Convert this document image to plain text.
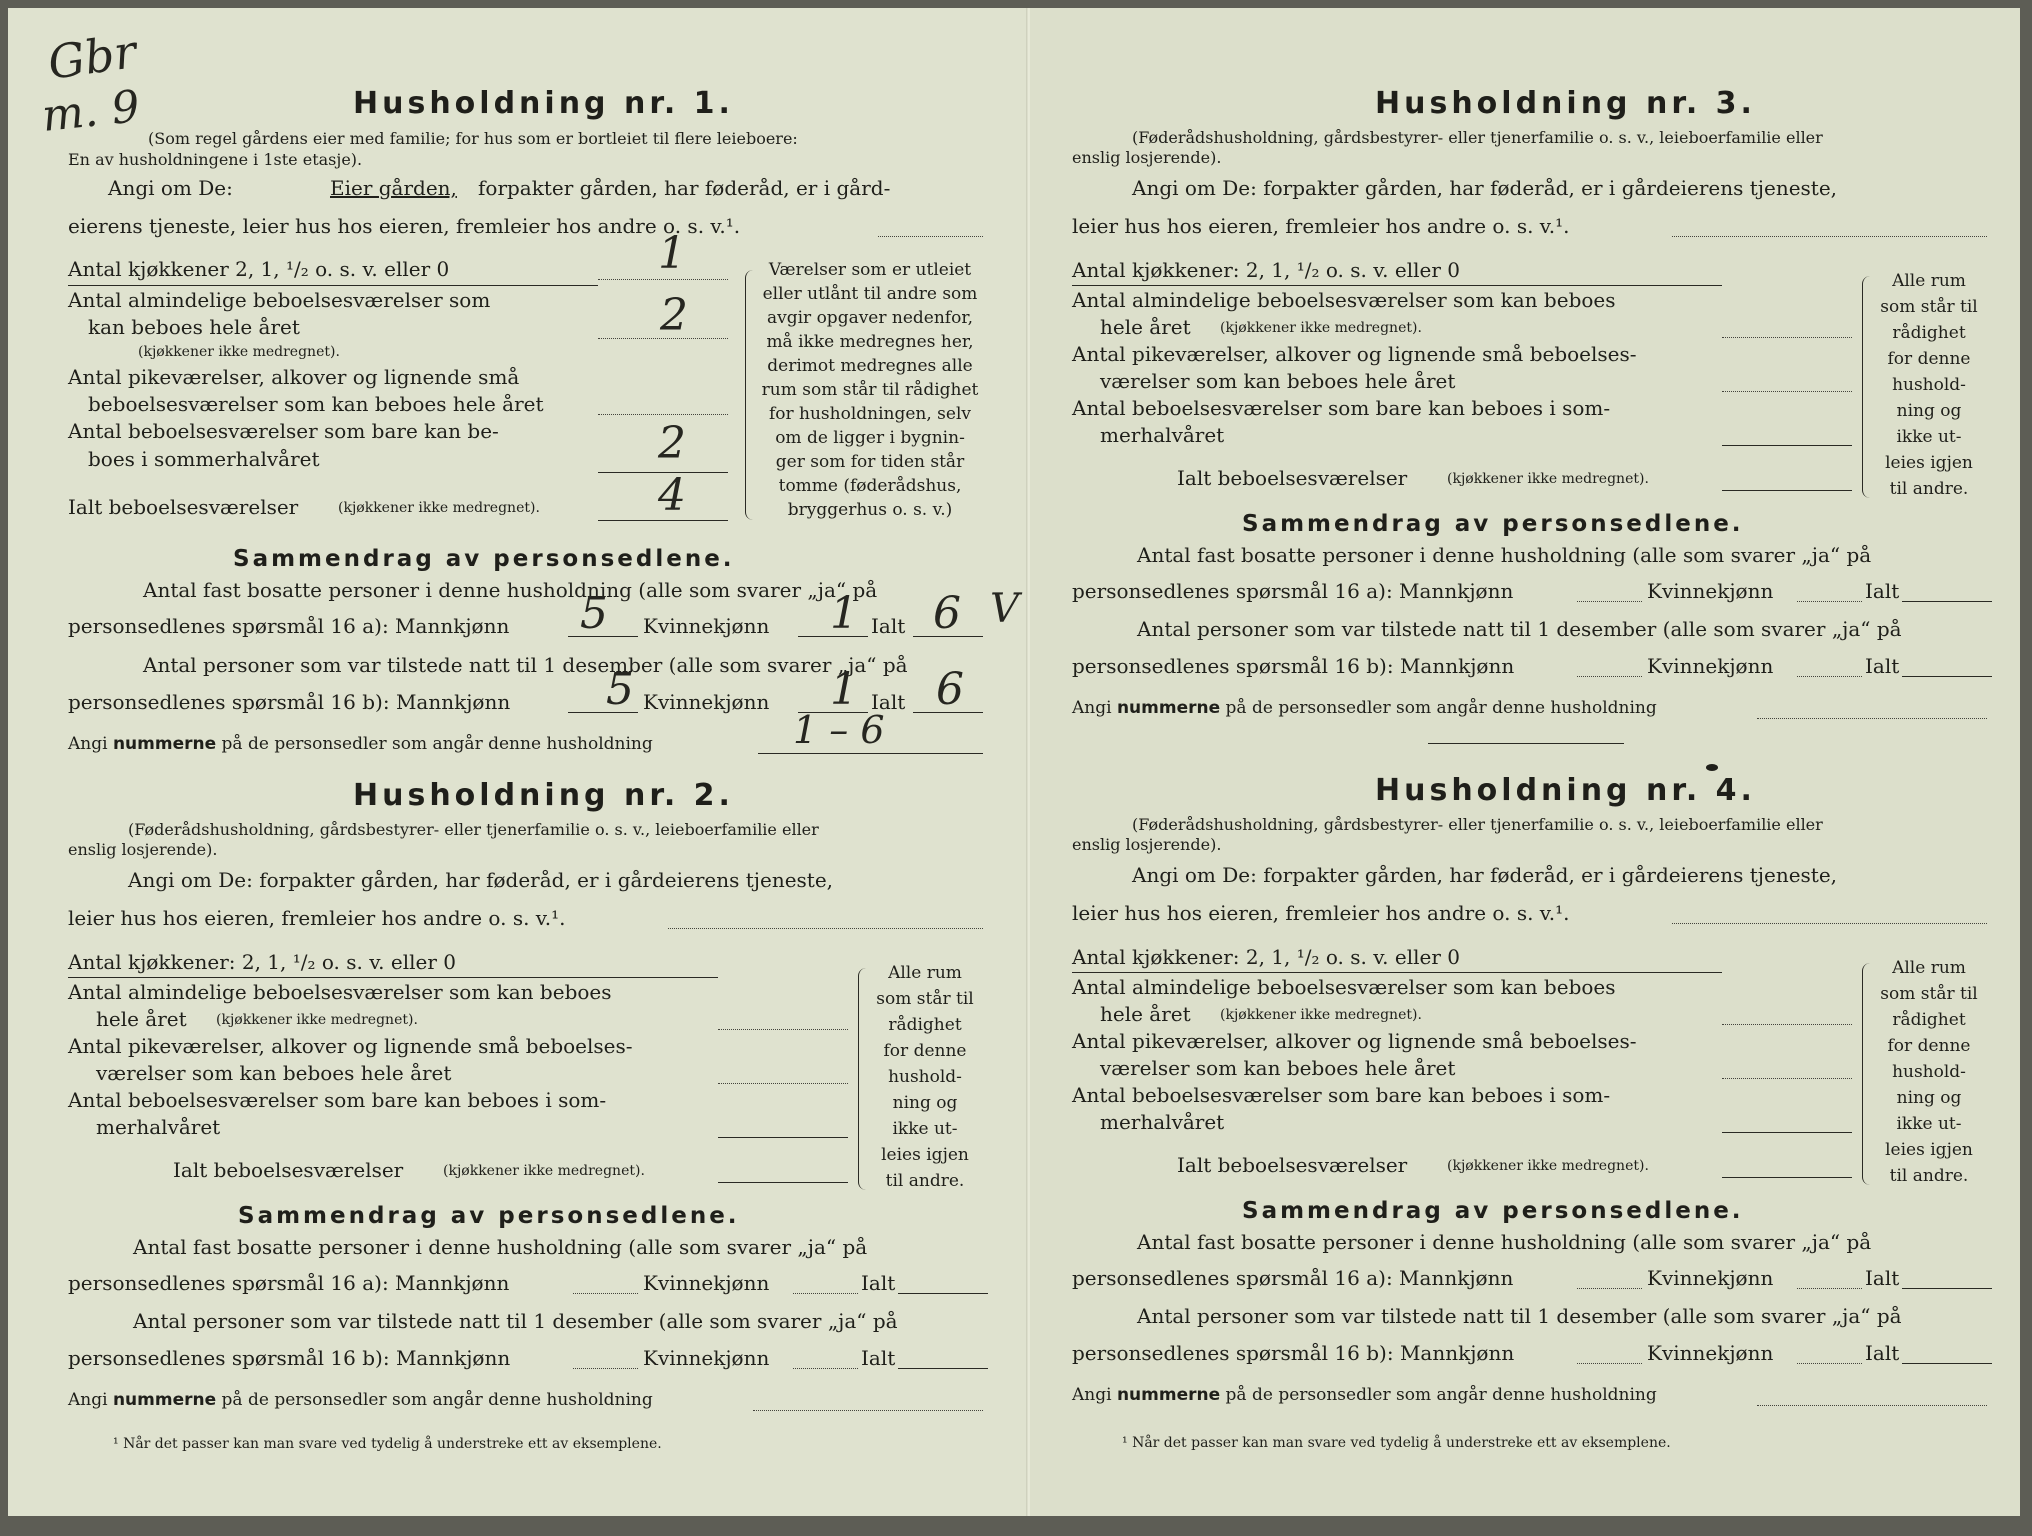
Gbr
m. 9	Husholdning nr. 1.
(Som regel gårdens eier med familie; for hus som er bortleiet til flere leieboere:
En av husholdningene i 1ste etasje).
Angi om De:	Eier gården, forpakter gården, har føderåd, er i gård-
eierens tjeneste, leier hus hos eieren, fremleier hos andre o. s. v.¹.
Antal kjøkkener 2, 1, ¹/₂ o. s. v. eller 0	1
Antal almindelige beboelsesværelser som
kan beboes hele året
(kjøkkener ikke medregnet).
2
Antal pikeværelser, alkover og lignende små
beboelsesværelser som kan beboes hele året
Antal beboelsesværelser som bare kan be-
boes i sommerhalvåret	2
Ialt beboelsesværelser	(kjøkkener ikke medregnet).	4
Værelser som er utleiet
eller utlånt til andre som
avgir opgaver nedenfor,
må ikke medregnes her,
derimot medregnes alle
rum som står til rådighet
for husholdningen, selv
om de ligger i bygnin-
ger som for tiden står
tomme (føderådshus,
bryggerhus o. s. v.)
Sammendrag av personsedlene.
Antal fast bosatte personer i denne husholdning (alle som svarer „ja“ på
personsedlenes spørsmål 16 a): Mannkjønn 5 Kvinnekjønn 1 Ialt 6 V
Antal personer som var tilstede natt til 1 desember (alle som svarer „ja“ på
personsedlenes spørsmål 16 b): Mannkjønn 5 Kvinnekjønn 1 Ialt 6
Angi nummerne på de personsedler som angår denne husholdning	1 – 6
¹ Når det passer kan man svare ved tydelig å understreke ett av eksemplene.
Husholdning nr. 2.
(Føderådshusholdning, gårdsbestyrer- eller tjenerfamilie o. s. v., leieboerfamilie eller
enslig losjerende).
Angi om De: forpakter gården, har føderåd, er i gårdeierens tjeneste,
leier hus hos eieren, fremleier hos andre o. s. v.¹.
Antal kjøkkener: 2, 1, ¹/₂ o. s. v. eller 0
Antal almindelige beboelsesværelser som kan beboes
hele året (kjøkkener ikke medregnet).
Antal pikeværelser, alkover og lignende små beboelses-
værelser som kan beboes hele året
Antal beboelsesværelser som bare kan beboes i som-
merhalvåret
Ialt beboelsesværelser	(kjøkkener ikke medregnet).
Alle rum
som står til
rådighet
for denne
hushold-
ning og
ikke ut-
leies igjen
til andre.
Sammendrag av personsedlene.
Antal fast bosatte personer i denne husholdning (alle som svarer „ja“ på
personsedlenes spørsmål 16 a): Mannkjønn	Kvinnekjønn	Ialt
Antal personer som var tilstede natt til 1 desember (alle som svarer „ja“ på
personsedlenes spørsmål 16 b): Mannkjønn	Kvinnekjønn	Ialt
Angi nummerne på de personsedler som angår denne husholdning
¹ Når det passer kan man svare ved tydelig å understreke ett av eksemplene.
Husholdning nr. 3.
(Føderådshusholdning, gårdsbestyrer- eller tjenerfamilie o. s. v., leieboerfamilie eller
enslig losjerende).
Angi om De: forpakter gården, har føderåd, er i gårdeierens tjeneste,
leier hus hos eieren, fremleier hos andre o. s. v.¹.
Antal kjøkkener: 2, 1, ¹/₂ o. s. v. eller 0
Antal almindelige beboelsesværelser som kan beboes
hele året (kjøkkener ikke medregnet).
Antal pikeværelser, alkover og lignende små beboelses-
værelser som kan beboes hele året
Antal beboelsesværelser som bare kan beboes i som-
merhalvåret
Ialt beboelsesværelser	(kjøkkener ikke medregnet).
Alle rum
som står til
rådighet
for denne
hushold-
ning og
ikke ut-
leies igjen
til andre.
Sammendrag av personsedlene.
Antal fast bosatte personer i denne husholdning (alle som svarer „ja“ på
personsedlenes spørsmål 16 a): Mannkjønn	Kvinnekjønn	Ialt
Antal personer som var tilstede natt til 1 desember (alle som svarer „ja“ på
personsedlenes spørsmål 16 b): Mannkjønn	Kvinnekjønn	Ialt
Angi nummerne på de personsedler som angår denne husholdning
Husholdning nr. 4.
(Føderådshusholdning, gårdsbestyrer- eller tjenerfamilie o. s. v., leieboerfamilie eller
enslig losjerende).
Angi om De: forpakter gården, har føderåd, er i gårdeierens tjeneste,
leier hus hos eieren, fremleier hos andre o. s. v.¹.
Antal kjøkkener: 2, 1, ¹/₂ o. s. v. eller 0
Antal almindelige beboelsesværelser som kan beboes
hele året (kjøkkener ikke medregnet).
Antal pikeværelser, alkover og lignende små beboelses-
værelser som kan beboes hele året
Antal beboelsesværelser som bare kan beboes i som-
merhalvåret
Ialt beboelsesværelser	(kjøkkener ikke medregnet).
Alle rum
som står til
rådighet
for denne
hushold-
ning og
ikke ut-
leies igjen
til andre.
Sammendrag av personsedlene.
Antal fast bosatte personer i denne husholdning (alle som svarer „ja“ på
personsedlenes spørsmål 16 a): Mannkjønn	Kvinnekjønn	Ialt
Antal personer som var tilstede natt til 1 desember (alle som svarer „ja“ på
personsedlenes spørsmål 16 b): Mannkjønn	Kvinnekjønn	Ialt
Angi nummerne på de personsedler som angår denne husholdning
